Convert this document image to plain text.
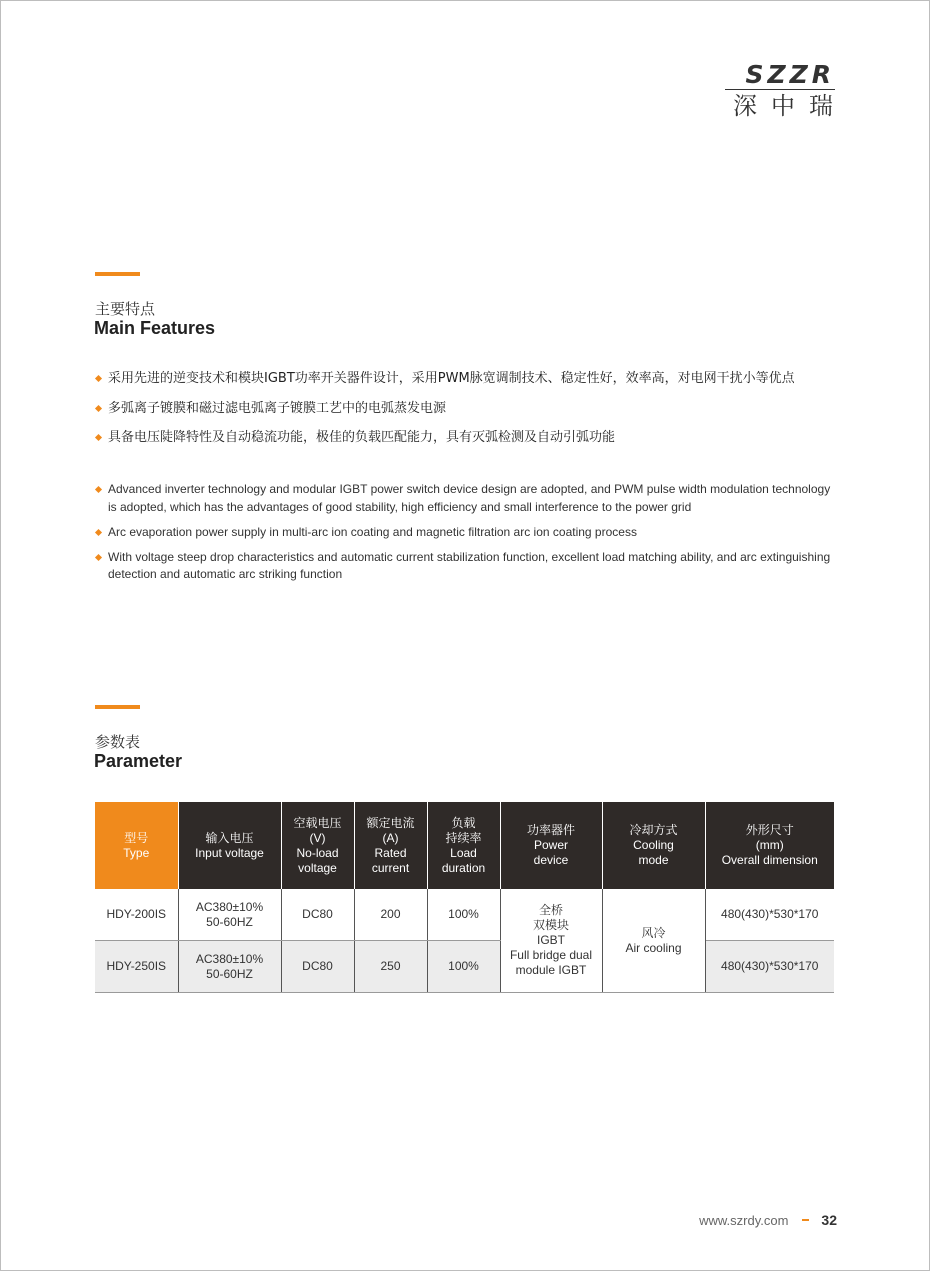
SZZR
深中瑞
主要特点
Main Features
采用先进的逆变技术和模块IGBT功率开关器件设计，采用PWM脉宽调制技术、稳定性好，效率高，对电网干扰小等优点
多弧离子镀膜和磁过滤电弧离子镀膜工艺中的电弧蒸发电源
具备电压陡降特性及自动稳流功能，极佳的负载匹配能力，具有灭弧检测及自动引弧功能
Advanced inverter technology and modular IGBT power switch device design are adopted, and PWM pulse width modulation technology is adopted, which has the advantages of good stability, high efficiency and small interference to the power grid
Arc evaporation power supply in multi-arc ion coating and magnetic filtration arc ion coating process
With voltage steep drop characteristics and automatic current stabilization function, excellent load matching ability, and arc extinguishing detection and automatic arc striking function
参数表
Parameter
型号
Type	输入电压
Input voltage	空载电压
(V)
No-load
voltage	额定电流
(A)
Rated
current	负载
持续率
Load
duration	功率器件
Power
device	冷却方式
Cooling
mode	外形尺寸
(mm)
Overall dimension

HDY-200IS	AC380±10%
50-60HZ	DC80	200	100%	全桥
双模块
IGBT
Full bridge dual
module IGBT	风冷
Air cooling	480(430)*530*170
HDY-250IS	AC380±10%
50-60HZ	DC80	250	100%			480(430)*530*170
www.szrdy.com 32
